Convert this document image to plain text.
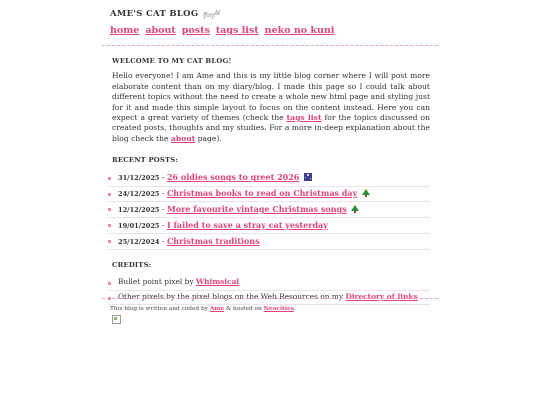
AME'S CAT BLOG
home about posts tags list neko no kuni
WELCOME TO MY CAT BLOG!

Hello everyone! I am Ame and this is my little blog corner where I will post more elaborate content than on my diary/blog. I made this page so I could talk about different topics without the need to create a whole new html page and styling just for it and made this simple layout to focus on the content instead. Here you can expect a great variety of themes (check the tags list for the topics discussed on created posts, thoughts and my studies. For a more in-deep explanation about the blog check the about page).

RECENT POSTS:
31/12/2025 - 26 oldies songs to greet 2026
24/12/2025 - Christmas books to read on Christmas day
12/12/2025 - More favourite vintage Christmas songs
19/01/2025 - I failed to save a stray cat yesterday
25/12/2024 - Christmas traditions
CREDITS:
Bullet point pixel by Whimsical
Other pixels by the pixel blogs on the Web Resources on my Directory of links
This blog is written and coded by Ame & hosted on Neocities.
